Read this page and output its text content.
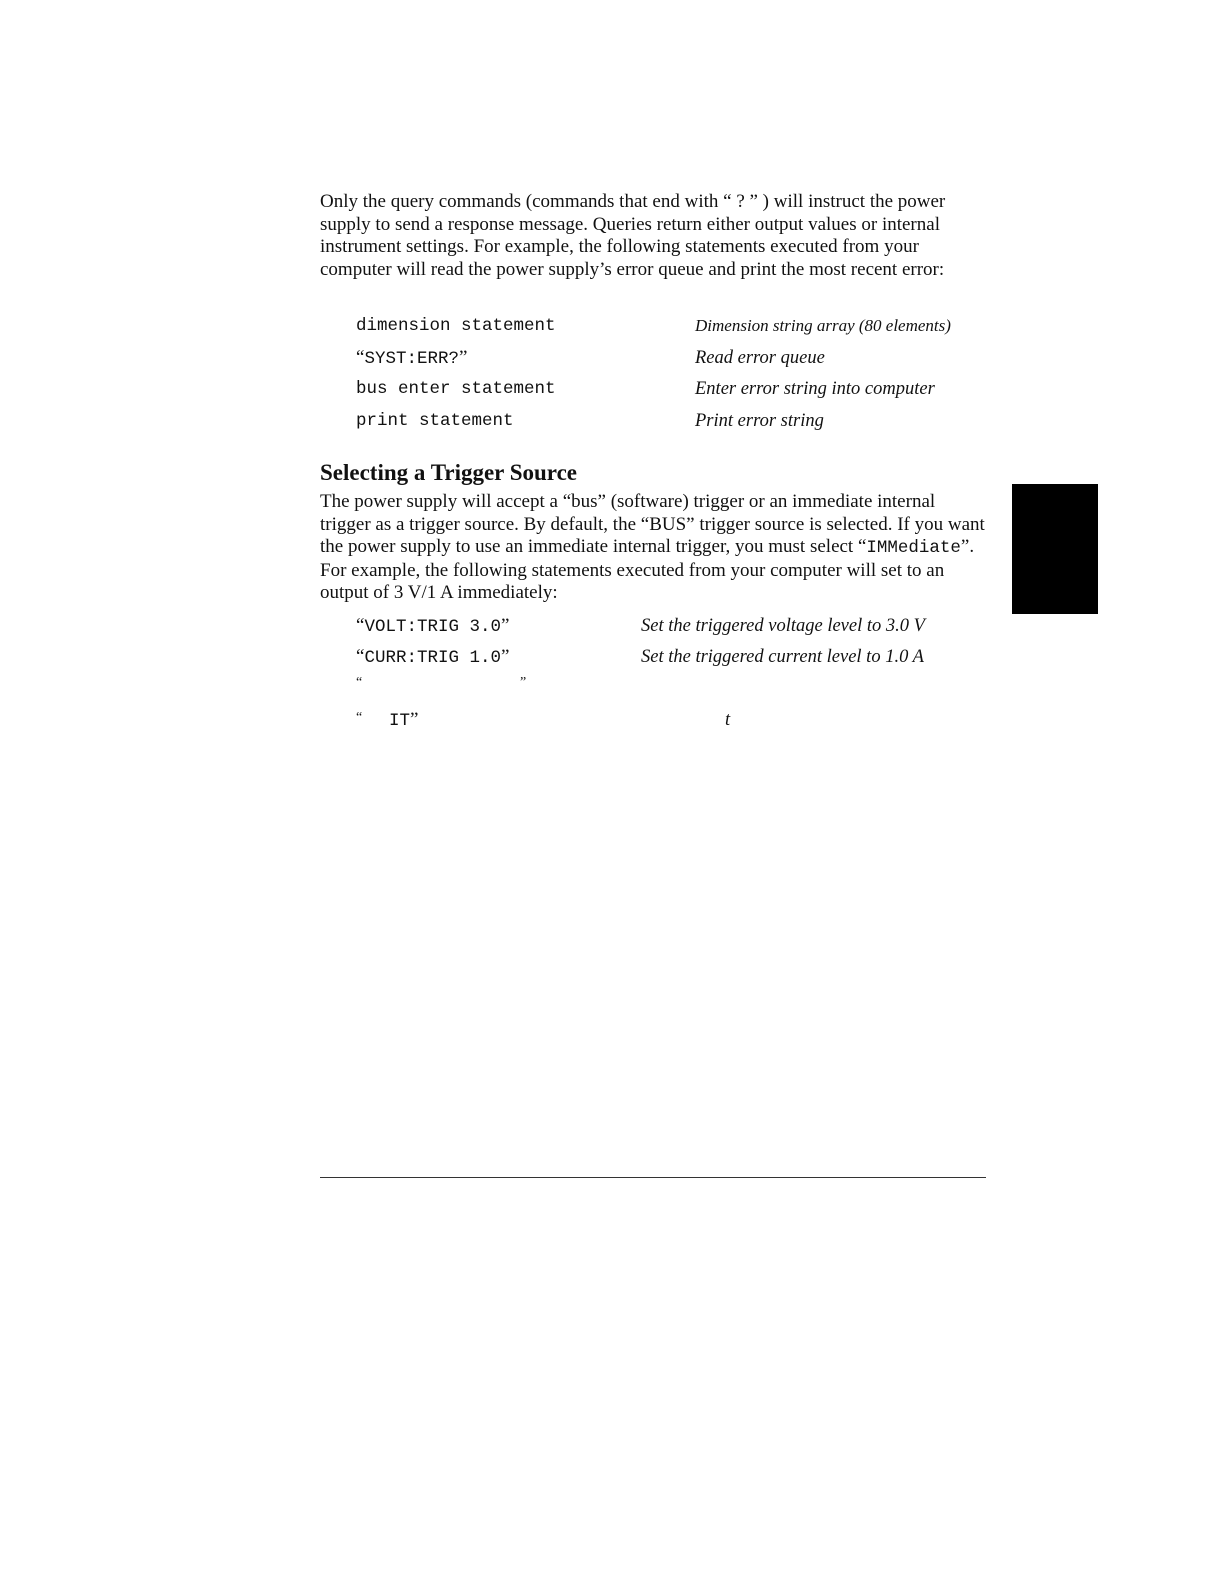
Only the query commands (commands that end with “ ? ” ) will instruct the power supply to send a response message. Queries return either output values or internal instrument settings. For example, the following statements executed from your computer will read the power supply’s error queue and print the most recent error:

dimension statement	Dimension string array (80 elements)
“SYST:ERR?”	Read error queue
bus enter statement	Enter error string into computer
print statement	Print error string
Selecting a Trigger Source

The power supply will accept a “bus” (software) trigger or an immediate internal trigger as a trigger source. By default, the “BUS” trigger source is selected. If you want the power supply to use an immediate internal trigger, you must select “IMMediate”. For example, the following statements executed from your computer will set to an output of 3 V/1 A immediately:

“VOLT:TRIG 3.0”	Set the triggered voltage level to 3.0 V
“CURR:TRIG 1.0”	Set the triggered current level to 1.0 A
“	”
“ IT”	t
